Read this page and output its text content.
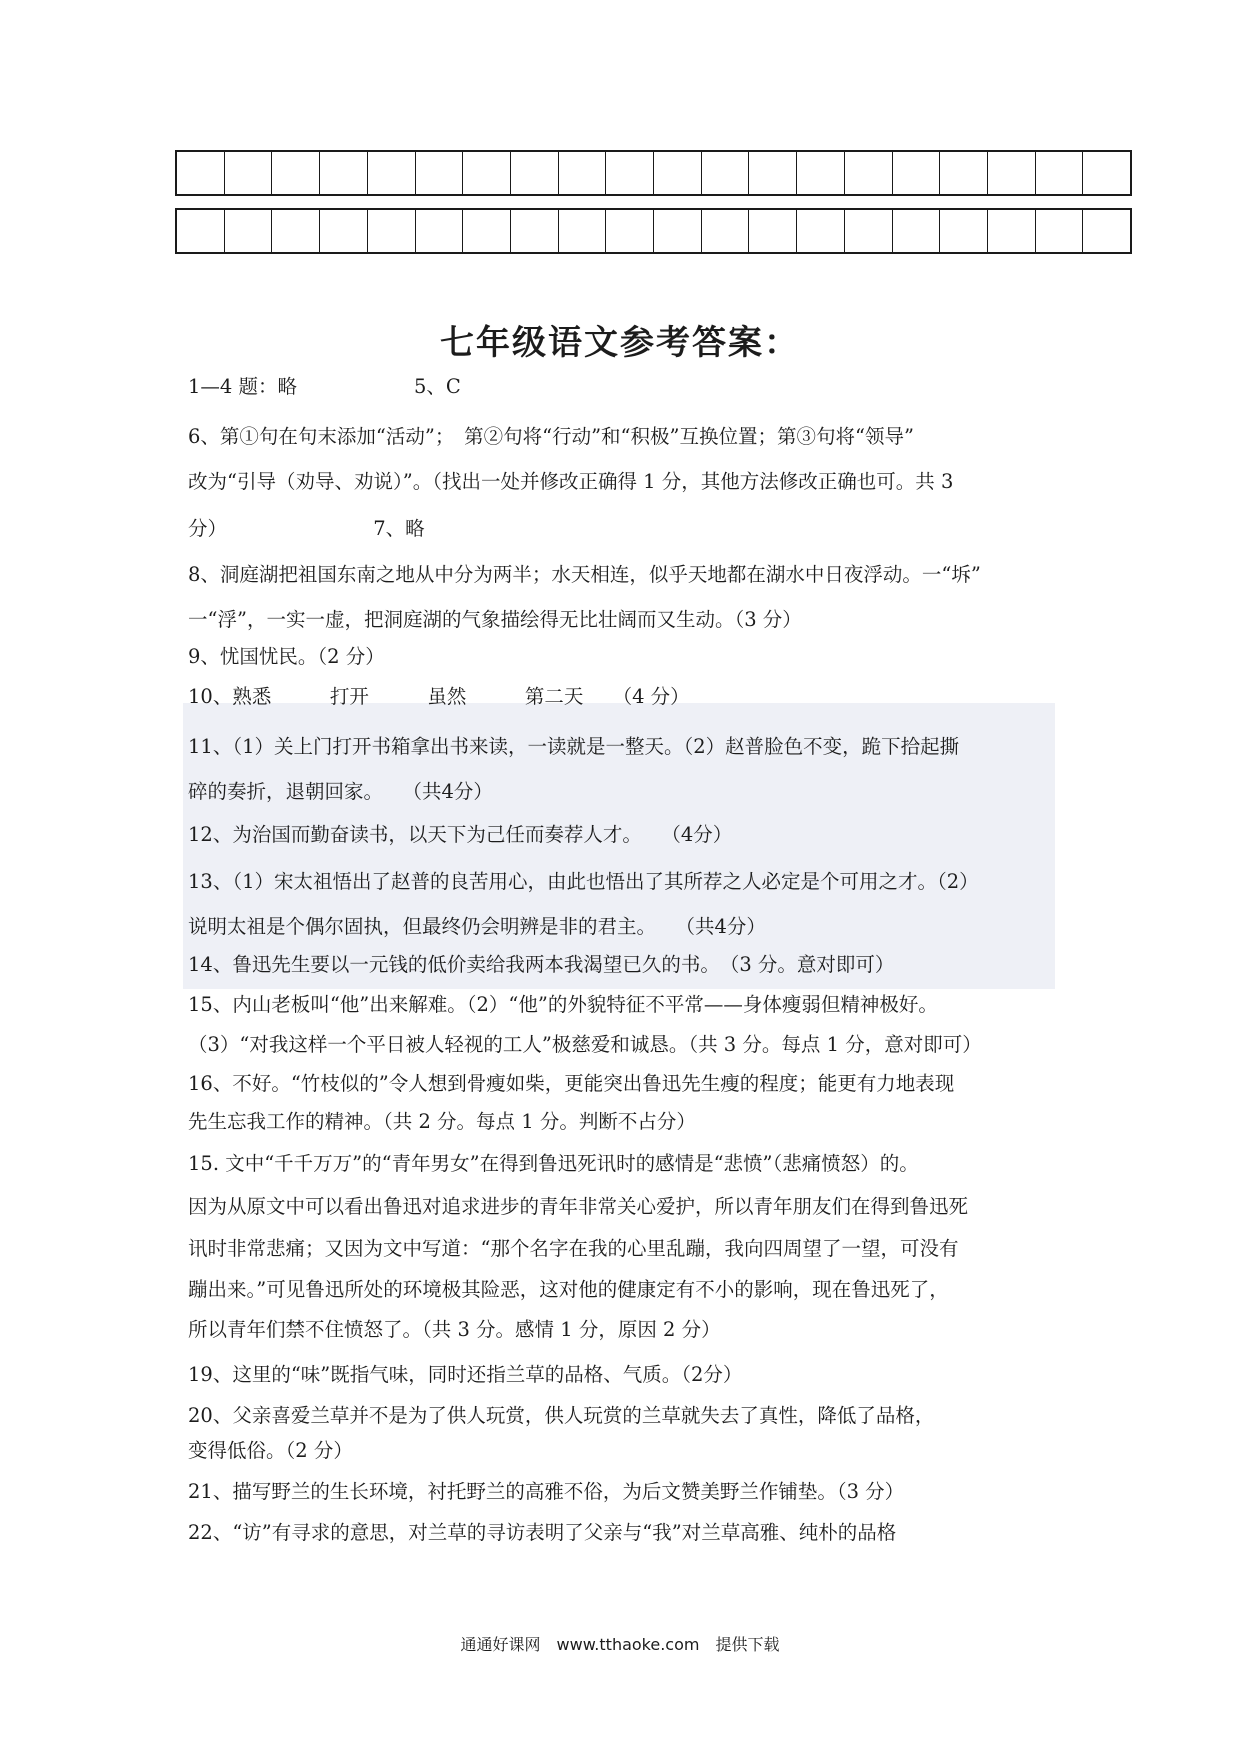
七年级语文参考答案：
1—4 题：略　　　　　　5、C
6、第①句在句末添加“活动”；　第②句将“行动”和“积极”互换位置；第③句将“领导”
改为“引导（劝导、劝说）”。（找出一处并修改正确得 1 分，其他方法修改正确也可。共 3
分）　　　　　　　　7、略
8、洞庭湖把祖国东南之地从中分为两半；水天相连，似乎天地都在湖水中日夜浮动。一“坼”
一“浮”，一实一虚，把洞庭湖的气象描绘得无比壮阔而又生动。（3 分）
9、忧国忧民。（2 分）
10、熟悉　　　打开　　　虽然　　　第二天　　（4 分）
11、（1）关上门打开书箱拿出书来读，一读就是一整天。（2）赵普脸色不变，跪下拾起撕
碎的奏折，退朝回家。　　（共4分）
12、为治国而勤奋读书，以天下为己任而奏荐人才。　　（4分）
13、（1）宋太祖悟出了赵普的良苦用心，由此也悟出了其所荐之人必定是个可用之才。（2）
说明太祖是个偶尔固执，但最终仍会明辨是非的君主。　　（共4分）
14、鲁迅先生要以一元钱的低价卖给我两本我渴望已久的书。　（3 分。意对即可）
15、内山老板叫“他”出来解难。（2）“他”的外貌特征不平常——身体瘦弱但精神极好。
（3）“对我这样一个平日被人轻视的工人”极慈爱和诚恳。（共 3 分。每点 1 分，意对即可）
16、不好。“竹枝似的”令人想到骨瘦如柴，更能突出鲁迅先生瘦的程度；能更有力地表现
先生忘我工作的精神。（共 2 分。每点 1 分。判断不占分）
15. 文中“千千万万”的“青年男女”在得到鲁迅死讯时的感情是“悲愤”（悲痛愤怒）的。
因为从原文中可以看出鲁迅对追求进步的青年非常关心爱护，所以青年朋友们在得到鲁迅死
讯时非常悲痛；又因为文中写道：“那个名字在我的心里乱蹦，我向四周望了一望，可没有
蹦出来。”可见鲁迅所处的环境极其险恶，这对他的健康定有不小的影响，现在鲁迅死了，
所以青年们禁不住愤怒了。（共 3 分。感情 1 分，原因 2 分）
19、这里的“味”既指气味，同时还指兰草的品格、气质。（2分）
20、父亲喜爱兰草并不是为了供人玩赏，供人玩赏的兰草就失去了真性，降低了品格，
变得低俗。（2 分）
21、描写野兰的生长环境，衬托野兰的高雅不俗，为后文赞美野兰作铺垫。（3 分）
22、“访”有寻求的意思，对兰草的寻访表明了父亲与“我”对兰草高雅、纯朴的品格
通通好课网　www.tthaoke.com　提供下载
